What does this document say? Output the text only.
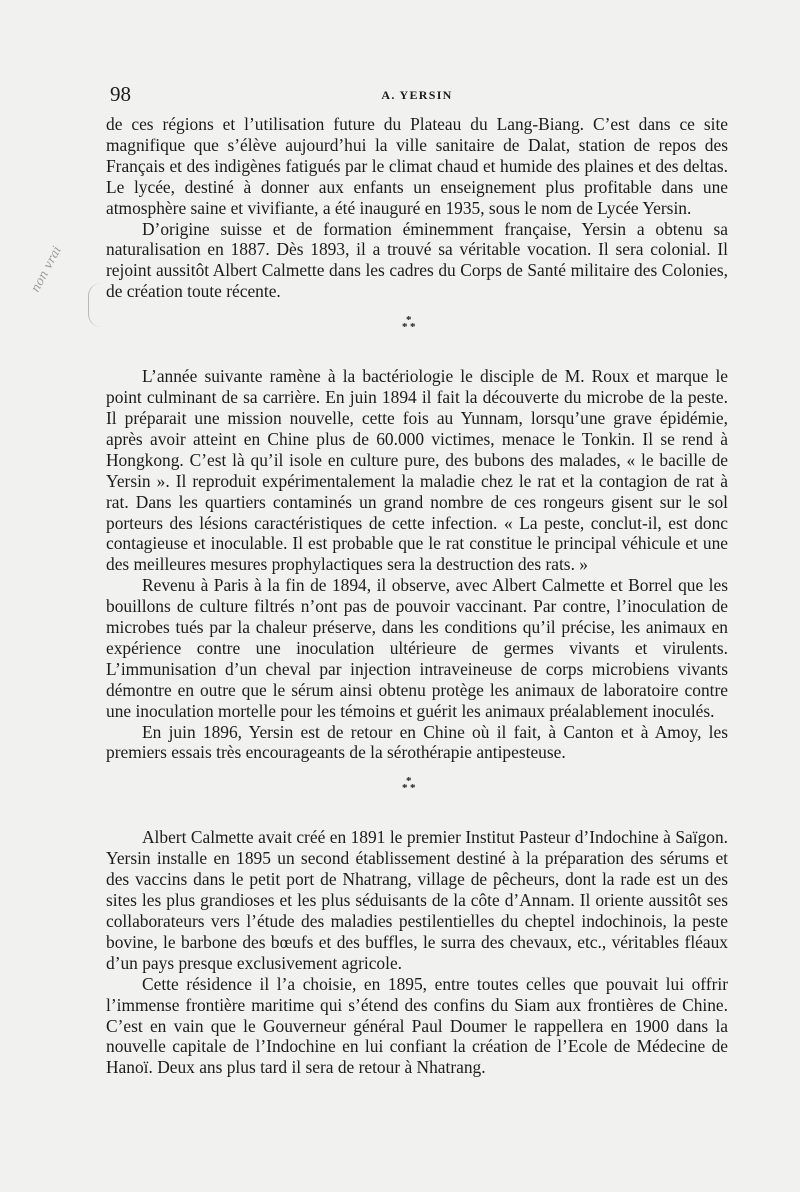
non vrai
98	A. YERSIN

de ces régions et l’utilisation future du Plateau du Lang-Biang. C’est dans ce site magnifique que s’élève aujourd’hui la ville sanitaire de Dalat, station de repos des Français et des indigènes fatigués par le climat chaud et humide des plaines et des deltas. Le lycée, destiné à donner aux enfants un enseignement plus profitable dans une atmosphère saine et vivifiante, a été inauguré en 1935, sous le nom de Lycée Yersin.

D’origine suisse et de formation éminemment française, Yersin a obtenu sa naturalisation en 1887. Dès 1893, il a trouvé sa véritable vocation. Il sera colonial. Il rejoint aussitôt Albert Calmette dans les cadres du Corps de Santé militaire des Colonies, de création toute récente.

*
* *

L’année suivante ramène à la bactériologie le disciple de M. Roux et marque le point culminant de sa carrière. En juin 1894 il fait la découverte du microbe de la peste. Il préparait une mission nouvelle, cette fois au Yunnam, lorsqu’une grave épidémie, après avoir atteint en Chine plus de 60.000 victimes, menace le Tonkin. Il se rend à Hongkong. C’est là qu’il isole en culture pure, des bubons des malades, « le bacille de Yersin ». Il reproduit expérimentalement la maladie chez le rat et la contagion de rat à rat. Dans les quartiers contaminés un grand nombre de ces rongeurs gisent sur le sol porteurs des lésions caractéristiques de cette infection. « La peste, conclut-il, est donc contagieuse et inoculable. Il est probable que le rat constitue le principal véhicule et une des meilleures mesures prophylactiques sera la destruction des rats. »

Revenu à Paris à la fin de 1894, il observe, avec Albert Calmette et Borrel que les bouillons de culture filtrés n’ont pas de pouvoir vaccinant. Par contre, l’inoculation de microbes tués par la chaleur préserve, dans les conditions qu’il précise, les animaux en expérience contre une inoculation ultérieure de germes vivants et virulents. L’immunisation d’un cheval par injection intraveineuse de corps microbiens vivants démontre en outre que le sérum ainsi obtenu protège les animaux de laboratoire contre une inoculation mortelle pour les témoins et guérit les animaux préalablement inoculés.

En juin 1896, Yersin est de retour en Chine où il fait, à Canton et à Amoy, les premiers essais très encourageants de la sérothérapie antipesteuse.

*
* *

Albert Calmette avait créé en 1891 le premier Institut Pasteur d’Indochine à Saïgon. Yersin installe en 1895 un second établissement destiné à la préparation des sérums et des vaccins dans le petit port de Nhatrang, village de pêcheurs, dont la rade est un des sites les plus grandioses et les plus séduisants de la côte d’Annam. Il oriente aussitôt ses collaborateurs vers l’étude des maladies pestilentielles du cheptel indochinois, la peste bovine, le barbone des bœufs et des buffles, le surra des chevaux, etc., véritables fléaux d’un pays presque exclusivement agricole.

Cette résidence il l’a choisie, en 1895, entre toutes celles que pouvait lui offrir l’immense frontière maritime qui s’étend des confins du Siam aux frontières de Chine. C’est en vain que le Gouverneur général Paul Doumer le rappellera en 1900 dans la nouvelle capitale de l’Indochine en lui confiant la création de l’Ecole de Médecine de Hanoï. Deux ans plus tard il sera de retour à Nhatrang.
